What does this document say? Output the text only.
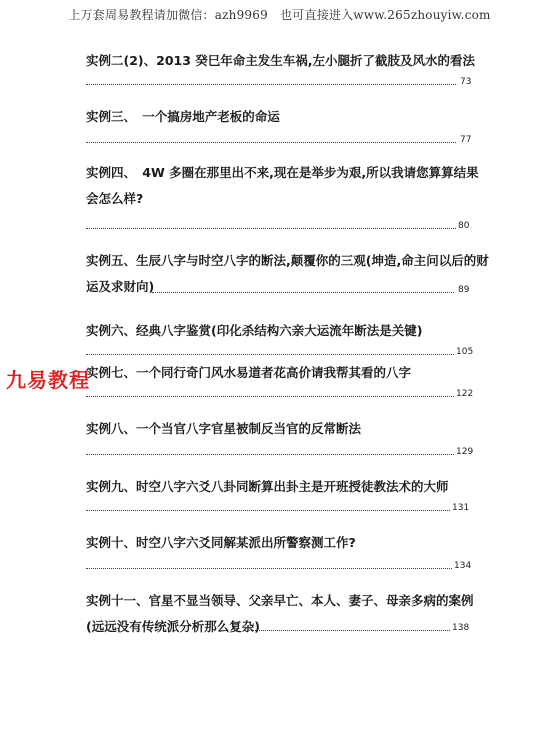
上万套周易教程请加微信：azh9969　也可直接进入www.265zhouyiw.com

实例二(2)、2013 癸巳年命主发生车祸,左小腿折了截肢及风水的看法

73

实例三、　一个搞房地产老板的命运

77

实例四、　4W 多圈在那里出不来,现在是举步为艰,所以我请您算算结果会怎么样?

80

实例五、生辰八字与时空八字的断法,颠覆你的三观(坤造,命主问以后的财运及求财向)	89

实例六、经典八字鉴赏(印化杀结构六亲大运流年断法是关键)

105

实例七、一个同行奇门风水易道者花高价请我帮其看的八字

122

实例八、一个当官八字官星被制反当官的反常断法

129

实例九、时空八字六爻八卦同断算出卦主是开班授徒教法术的大师

131

实例十、时空八字六爻同解某派出所警察测工作?

134

实例十一、官星不显当领导、父亲早亡、本人、妻子、母亲多病的案例(远远没有传统派分析那么复杂)	138
九易教程
